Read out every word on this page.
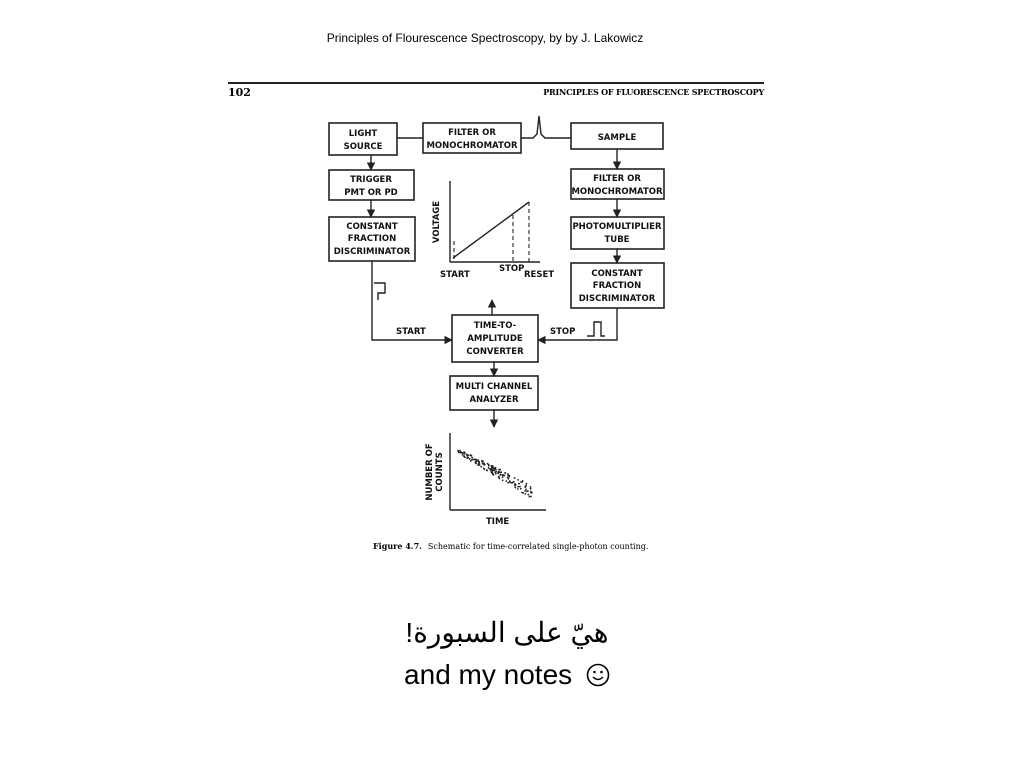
Principles of Flourescence Spectroscopy, by by J. Lakowicz
102	PRINCIPLES OF FLUORESCENCE SPECTROSCOPY
LIGHT
SOURCE
FILTER OR
MONOCHROMATOR
SAMPLE
TRIGGER
PMT OR PD
CONSTANT
FRACTION
DISCRIMINATOR
FILTER OR
MONOCHROMATOR
PHOTOMULTIPLIER
TUBE
CONSTANT
FRACTION
DISCRIMINATOR
TIME-TO-
AMPLITUDE
CONVERTER
MULTI CHANNEL
ANALYZER
START	STOP
VOLTAGE
START
STOP
RESET
NUMBER OF COUNTS
TIME
Figure 4.7. Schematic for time-correlated single-photon counting.
هيّ على السبورة!
and my notes
